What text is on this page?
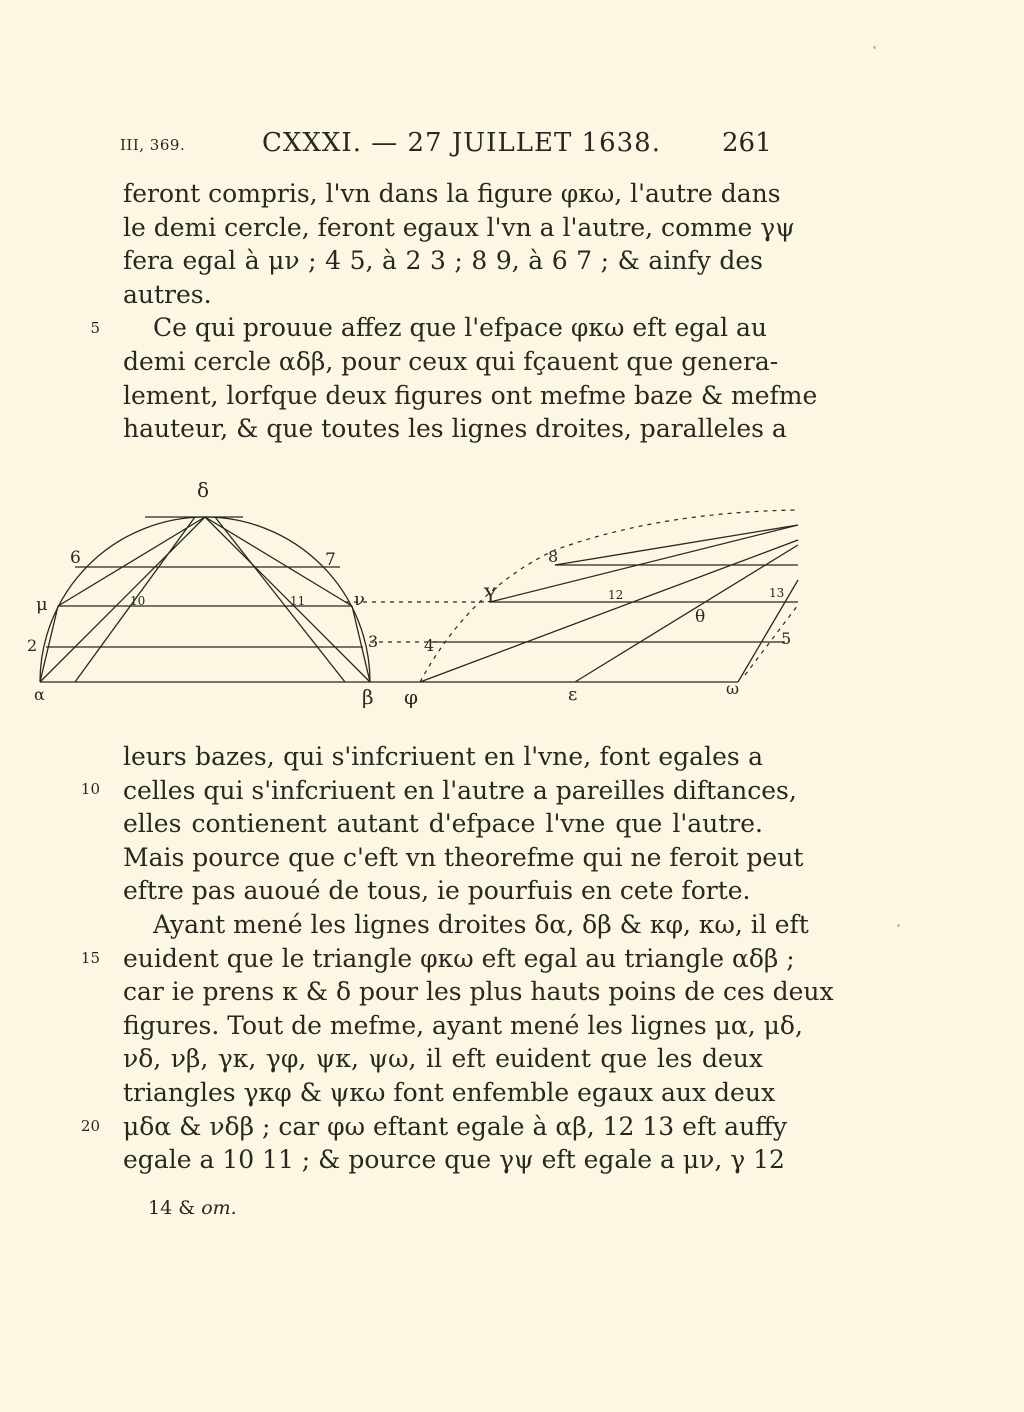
III, 369.	CXXXI. — 27 JUILLET 1638. 261
feront compris, l'vn dans la figure φκω, l'autre dans
le demi cercle, feront egaux l'vn a l'autre, comme γψ
fera egal à μν ; 4 5, à 2 3 ; 8 9, à 6 7 ; & ainfy des
autres.
Ce qui prouue affez que l'efpace φκω eft egal au
demi cercle αδβ, pour ceux qui fçauent que genera-
lement, lorfque deux figures ont mefme baze & mefme
hauteur, & que toutes les lignes droites, paralleles a
5
δ
6	7
μ	10	11	ν
2	3	4
α	β φ	ε	ω
Υ
8
12	13
θ
5
leurs bazes, qui s'infcriuent en l'vne, font egales a
celles qui s'infcriuent en l'autre a pareilles diftances,
elles contienent autant d'efpace l'vne que l'autre.
Mais pource que c'eft vn theorefme qui ne feroit peut
eftre pas auoué de tous, ie pourfuis en cete forte.
Ayant mené les lignes droites δα, δβ & κφ, κω, il eft
euident que le triangle φκω eft egal au triangle αδβ ;
car ie prens κ & δ pour les plus hauts poins de ces deux
figures. Tout de mefme, ayant mené les lignes μα, μδ,
νδ, νβ, γκ, γφ, ψκ, ψω, il eft euident que les deux
triangles γκφ & ψκω font enfemble egaux aux deux
μδα & νδβ ; car φω eftant egale à αβ, 12 13 eft auffy
egale a 10 11 ; & pource que γψ eft egale a μν, γ 12
10
15
20
14 & om.
